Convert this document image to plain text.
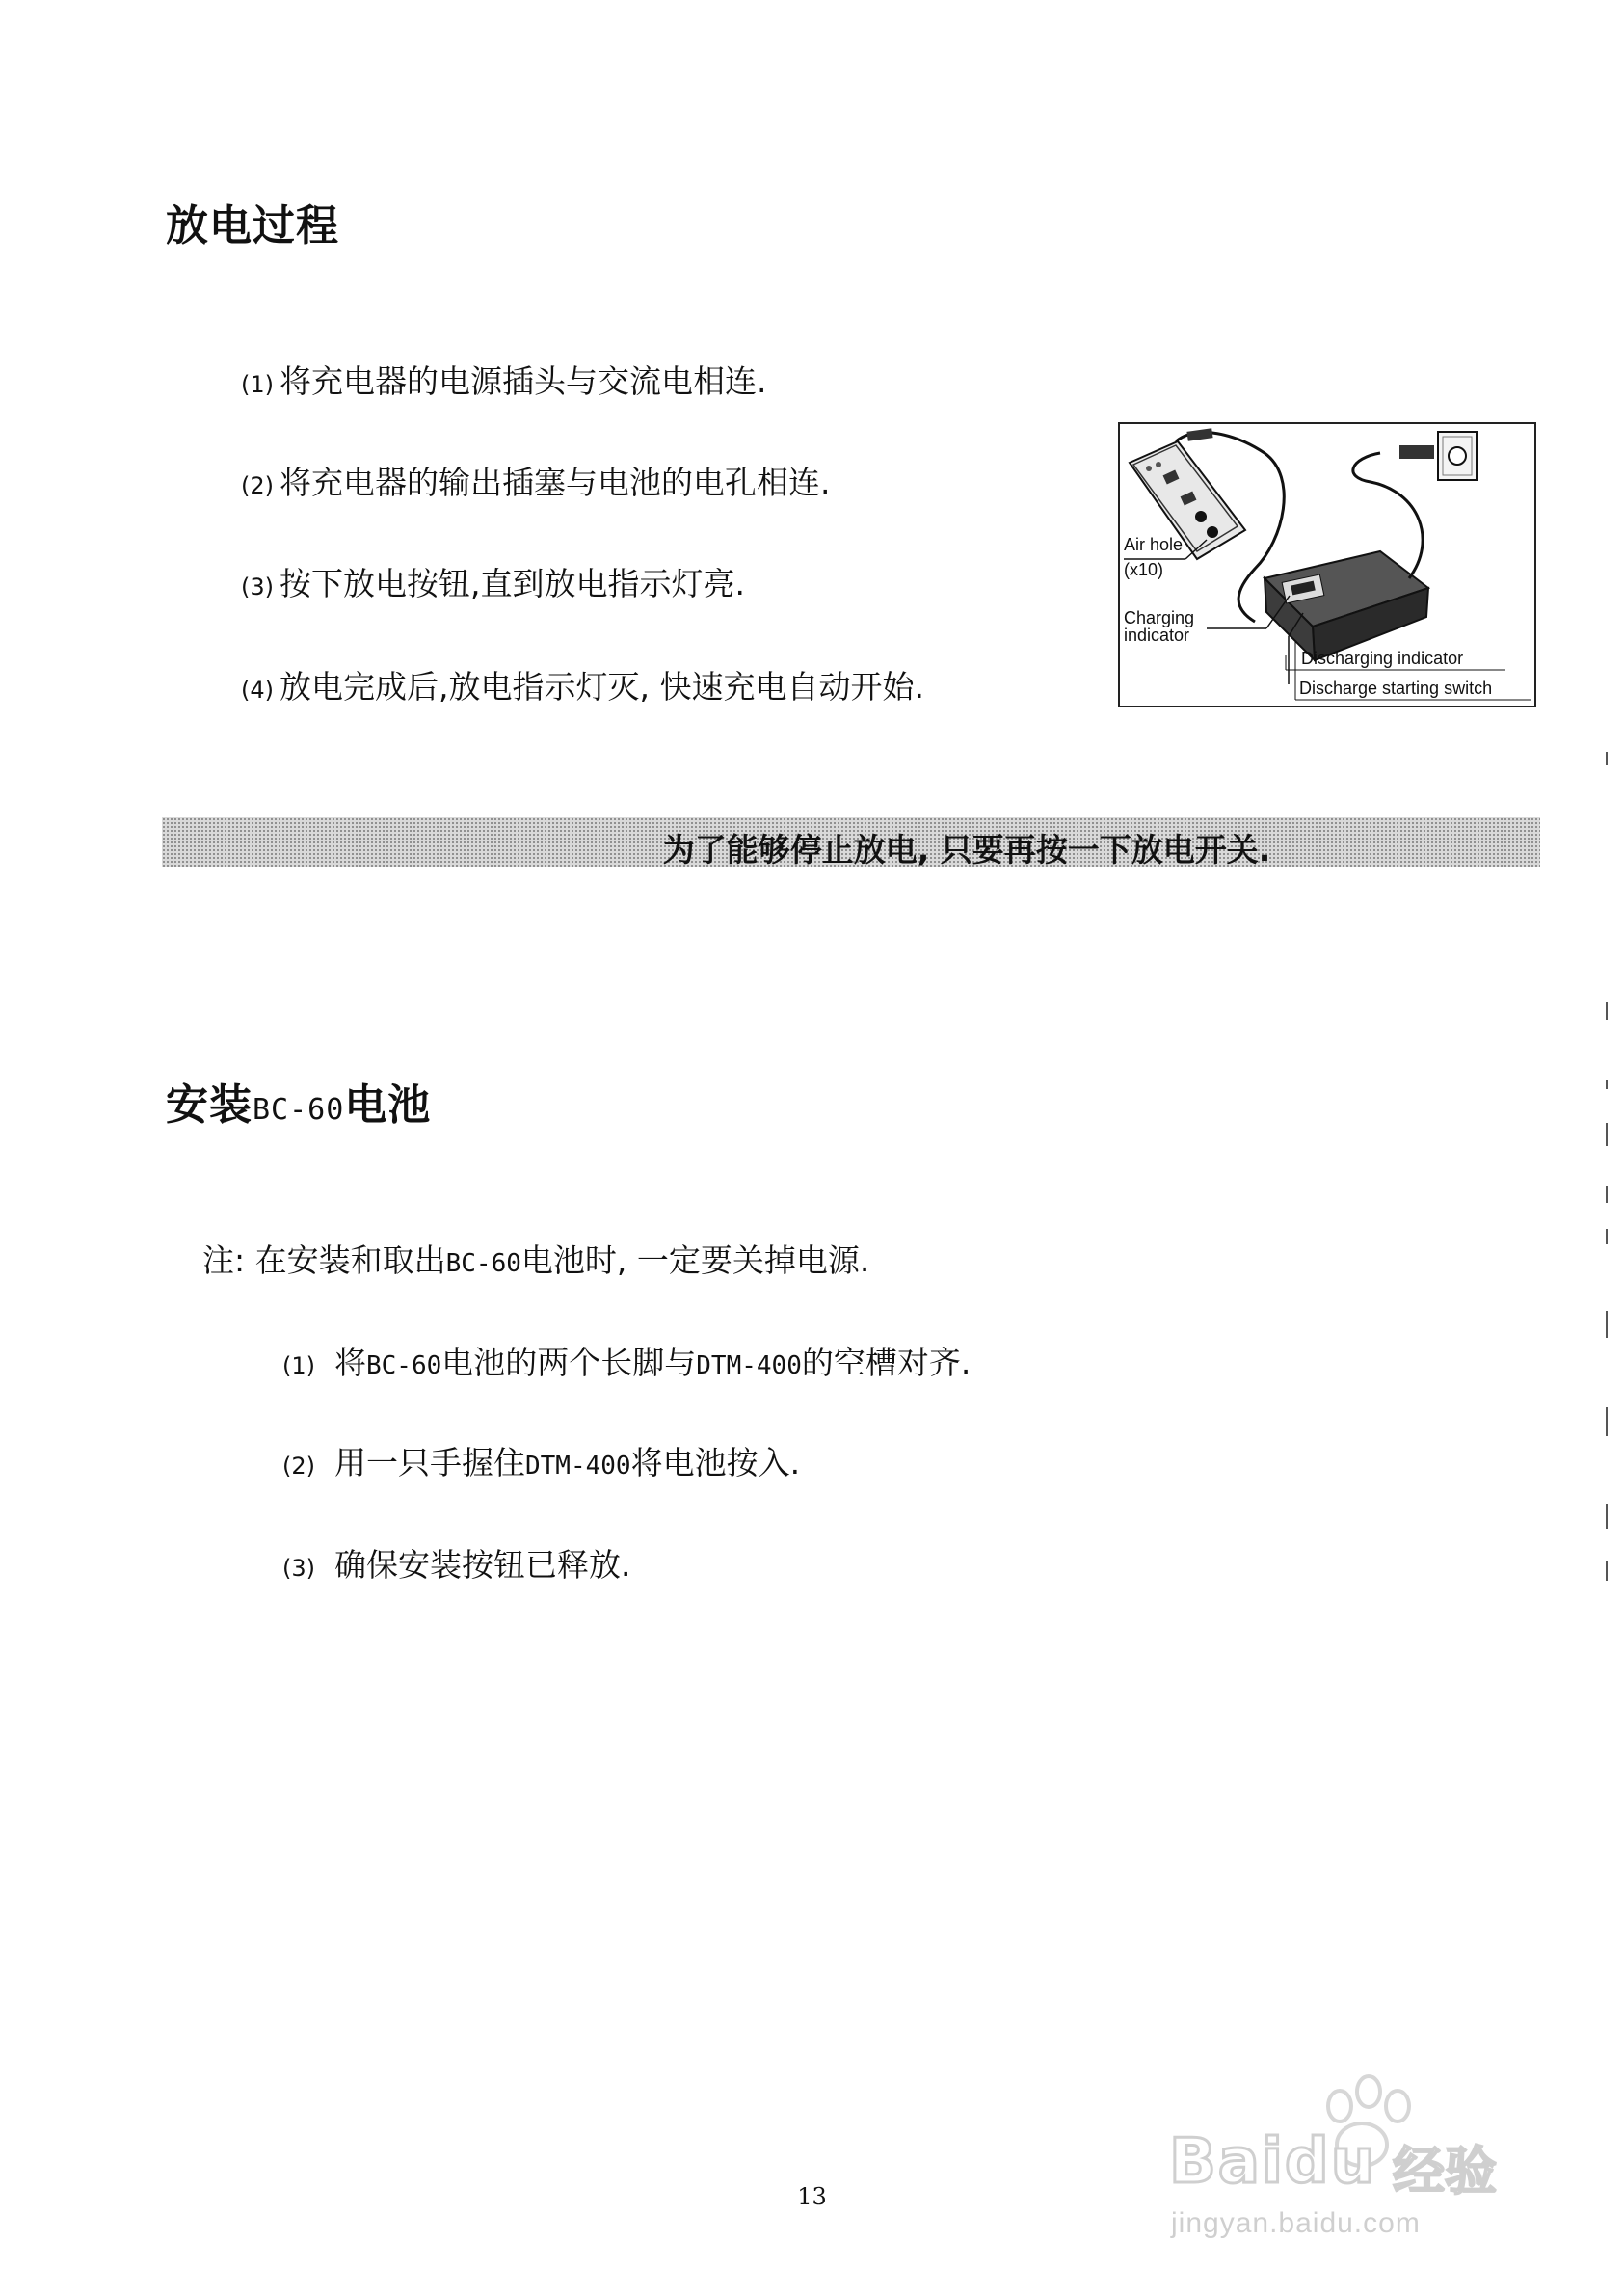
放电过程
(1) 将充电器的电源插头与交流电相连.
(2) 将充电器的输出插塞与电池的电孔相连.
(3) 按下放电按钮,直到放电指示灯亮.
(4) 放电完成后,放电指示灯灭, 快速充电自动开始.
Air hole
(x10)
Charging
indicator
Discharging indicator
Discharge starting switch
为了能够停止放电, 只要再按一下放电开关.
安装BC-60电池
注: 在安装和取出BC-60电池时, 一定要关掉电源.
(1) 将BC-60电池的两个长脚与DTM-400的空槽对齐.
(2) 用一只手握住DTM-400将电池按入.
(3) 确保安装按钮已释放.
Baidu 经验
jingyan.baidu.com
13
